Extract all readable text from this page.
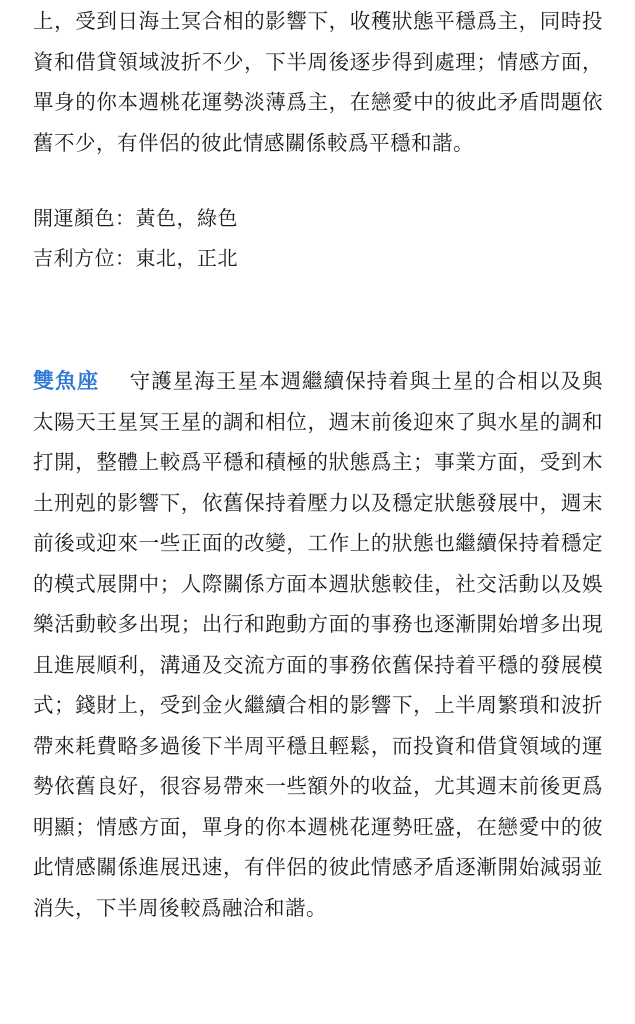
上，受到日海土冥合相的影響下，收穫狀態平穩爲主，同時投資和借貸領域波折不少，下半周後逐步得到處理；情感方面，單身的你本週桃花運勢淡薄爲主，在戀愛中的彼此矛盾問題依舊不少，有伴侶的彼此情感關係較爲平穩和諧。

開運顏色：黃色，綠色
吉利方位：東北，正北

雙魚座 守護星海王星本週繼續保持着與土星的合相以及與太陽天王星冥王星的調和相位，週末前後迎來了與水星的調和打開，整體上較爲平穩和積極的狀態爲主；事業方面，受到木土刑剋的影響下，依舊保持着壓力以及穩定狀態發展中，週末前後或迎來一些正面的改變，工作上的狀態也繼續保持着穩定的模式展開中；人際關係方面本週狀態較佳，社交活動以及娛樂活動較多出現；出行和跑動方面的事務也逐漸開始增多出現且進展順利，溝通及交流方面的事務依舊保持着平穩的發展模式；錢財上，受到金火繼續合相的影響下，上半周繁瑣和波折帶來耗費略多過後下半周平穩且輕鬆，而投資和借貸領域的運勢依舊良好，很容易帶來一些額外的收益，尤其週末前後更爲明顯；情感方面，單身的你本週桃花運勢旺盛，在戀愛中的彼此情感關係進展迅速，有伴侶的彼此情感矛盾逐漸開始減弱並消失，下半周後較爲融洽和諧。
